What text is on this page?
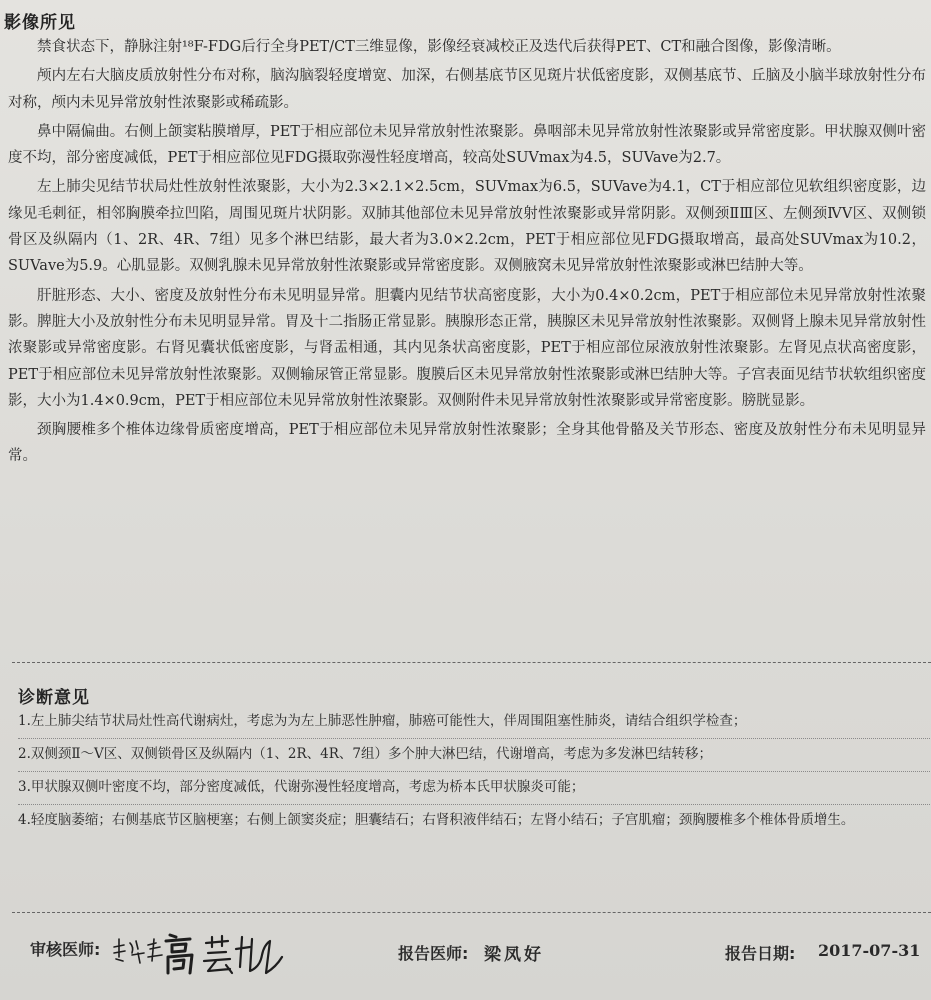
影像所见

禁食状态下，静脉注射¹⁸F-FDG后行全身PET/CT三维显像，影像经衰减校正及迭代后获得PET、CT和融合图像，影像清晰。

颅内左右大脑皮质放射性分布对称，脑沟脑裂轻度增宽、加深，右侧基底节区见斑片状低密度影，双侧基底节、丘脑及小脑半球放射性分布对称，颅内未见异常放射性浓聚影或稀疏影。

鼻中隔偏曲。右侧上颌窦粘膜增厚，PET于相应部位未见异常放射性浓聚影。鼻咽部未见异常放射性浓聚影或异常密度影。甲状腺双侧叶密度不均，部分密度减低，PET于相应部位见FDG摄取弥漫性轻度增高，较高处SUVmax为4.5，SUVave为2.7。

左上肺尖见结节状局灶性放射性浓聚影，大小为2.3×2.1×2.5cm，SUVmax为6.5，SUVave为4.1，CT于相应部位见软组织密度影，边缘见毛刺征，相邻胸膜牵拉凹陷，周围见斑片状阴影。双肺其他部位未见异常放射性浓聚影或异常阴影。双侧颈ⅡⅢ区、左侧颈ⅣⅤ区、双侧锁骨区及纵隔内（1、2R、4R、7组）见多个淋巴结影，最大者为3.0×2.2cm，PET于相应部位见FDG摄取增高，最高处SUVmax为10.2，SUVave为5.9。心肌显影。双侧乳腺未见异常放射性浓聚影或异常密度影。双侧腋窝未见异常放射性浓聚影或淋巴结肿大等。

肝脏形态、大小、密度及放射性分布未见明显异常。胆囊内见结节状高密度影，大小为0.4×0.2cm，PET于相应部位未见异常放射性浓聚影。脾脏大小及放射性分布未见明显异常。胃及十二指肠正常显影。胰腺形态正常，胰腺区未见异常放射性浓聚影。双侧肾上腺未见异常放射性浓聚影或异常密度影。右肾见囊状低密度影，与肾盂相通，其内见条状高密度影，PET于相应部位尿液放射性浓聚影。左肾见点状高密度影，PET于相应部位未见异常放射性浓聚影。双侧输尿管正常显影。腹膜后区未见异常放射性浓聚影或淋巴结肿大等。子宫表面见结节状软组织密度影，大小为1.4×0.9cm，PET于相应部位未见异常放射性浓聚影。双侧附件未见异常放射性浓聚影或异常密度影。膀胱显影。

颈胸腰椎多个椎体边缘骨质密度增高，PET于相应部位未见异常放射性浓聚影；全身其他骨骼及关节形态、密度及放射性分布未见明显异常。

诊断意见
1.左上肺尖结节状局灶性高代谢病灶，考虑为为左上肺恶性肿瘤，肺癌可能性大，伴周围阻塞性肺炎，请结合组织学检查；
2.双侧颈Ⅱ～Ⅴ区、双侧锁骨区及纵隔内（1、2R、4R、7组）多个肿大淋巴结，代谢增高，考虑为多发淋巴结转移；
3.甲状腺双侧叶密度不均，部分密度减低，代谢弥漫性轻度增高，考虑为桥本氏甲状腺炎可能；
4.轻度脑萎缩；右侧基底节区脑梗塞；右侧上颌窦炎症；胆囊结石；右肾积液伴结石；左肾小结石；子宫肌瘤；颈胸腰椎多个椎体骨质增生。
审核医师:	报告医师: 梁凤好	报告日期: 2017-07-31
